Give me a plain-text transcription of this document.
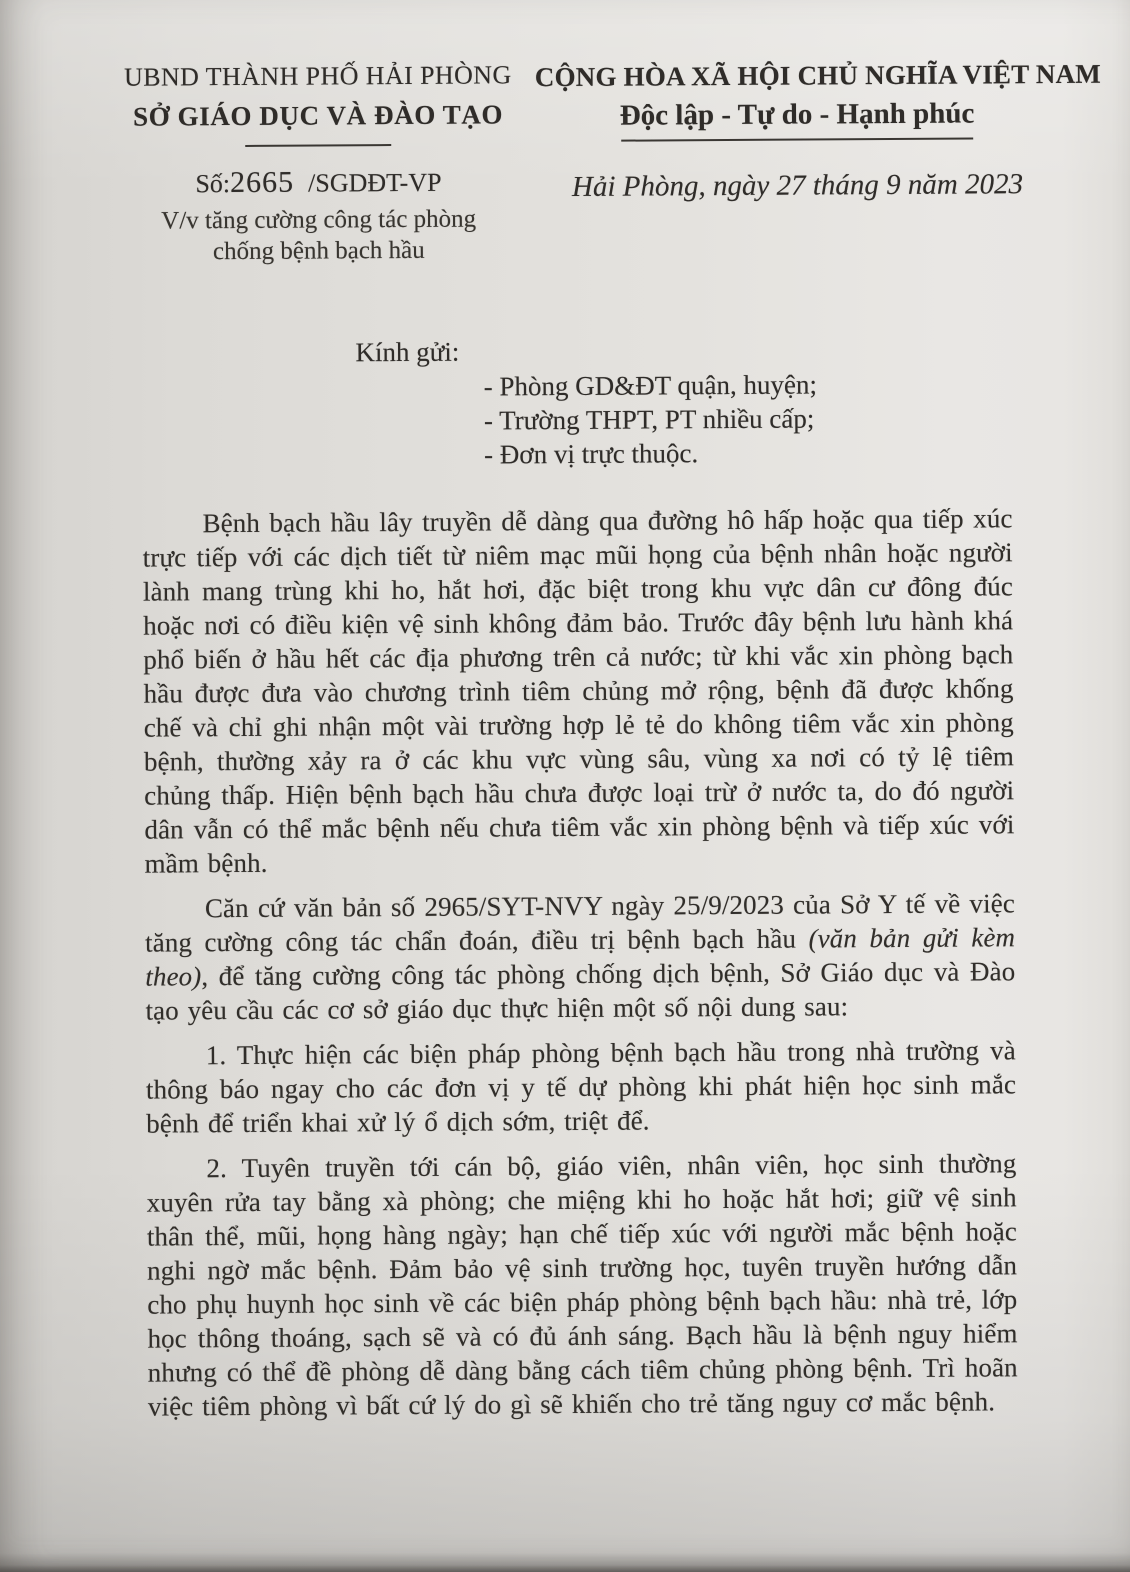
UBND THÀNH PHỐ HẢI PHÒNG
SỞ GIÁO DỤC VÀ ĐÀO TẠO
Số:2665 /SGDĐT-VP
V/v tăng cường công tác phòng
chống bệnh bạch hầu
CỘNG HÒA XÃ HỘI CHỦ NGHĨA VIỆT NAM
Độc lập - Tự do - Hạnh phúc
Hải Phòng, ngày 27 tháng 9 năm 2023
Kính gửi:
- Phòng GD&ĐT quận, huyện;
- Trường THPT, PT nhiều cấp;
- Đơn vị trực thuộc.

Bệnh bạch hầu lây truyền dễ dàng qua đường hô hấp hoặc qua tiếp xúc trực tiếp với các dịch tiết từ niêm mạc mũi họng của bệnh nhân hoặc người lành mang trùng khi ho, hắt hơi, đặc biệt trong khu vực dân cư đông đúc hoặc nơi có điều kiện vệ sinh không đảm bảo. Trước đây bệnh lưu hành khá phổ biến ở hầu hết các địa phương trên cả nước; từ khi vắc xin phòng bạch hầu được đưa vào chương trình tiêm chủng mở rộng, bệnh đã được khống chế và chỉ ghi nhận một vài trường hợp lẻ tẻ do không tiêm vắc xin phòng bệnh, thường xảy ra ở các khu vực vùng sâu, vùng xa nơi có tỷ lệ tiêm chủng thấp. Hiện bệnh bạch hầu chưa được loại trừ ở nước ta, do đó người dân vẫn có thể mắc bệnh nếu chưa tiêm vắc xin phòng bệnh và tiếp xúc với mầm bệnh.

Căn cứ văn bản số 2965/SYT-NVY ngày 25/9/2023 của Sở Y tế về việc tăng cường công tác chẩn đoán, điều trị bệnh bạch hầu (văn bản gửi kèm theo), để tăng cường công tác phòng chống dịch bệnh, Sở Giáo dục và Đào tạo yêu cầu các cơ sở giáo dục thực hiện một số nội dung sau:

1. Thực hiện các biện pháp phòng bệnh bạch hầu trong nhà trường và thông báo ngay cho các đơn vị y tế dự phòng khi phát hiện học sinh mắc bệnh để triển khai xử lý ổ dịch sớm, triệt để.

2. Tuyên truyền tới cán bộ, giáo viên, nhân viên, học sinh thường xuyên rửa tay bằng xà phòng; che miệng khi ho hoặc hắt hơi; giữ vệ sinh thân thể, mũi, họng hàng ngày; hạn chế tiếp xúc với người mắc bệnh hoặc nghi ngờ mắc bệnh. Đảm bảo vệ sinh trường học, tuyên truyền hướng dẫn cho phụ huynh học sinh về các biện pháp phòng bệnh bạch hầu: nhà trẻ, lớp học thông thoáng, sạch sẽ và có đủ ánh sáng. Bạch hầu là bệnh nguy hiểm nhưng có thể đề phòng dễ dàng bằng cách tiêm chủng phòng bệnh. Trì hoãn việc tiêm phòng vì bất cứ lý do gì sẽ khiến cho trẻ tăng nguy cơ mắc bệnh.
